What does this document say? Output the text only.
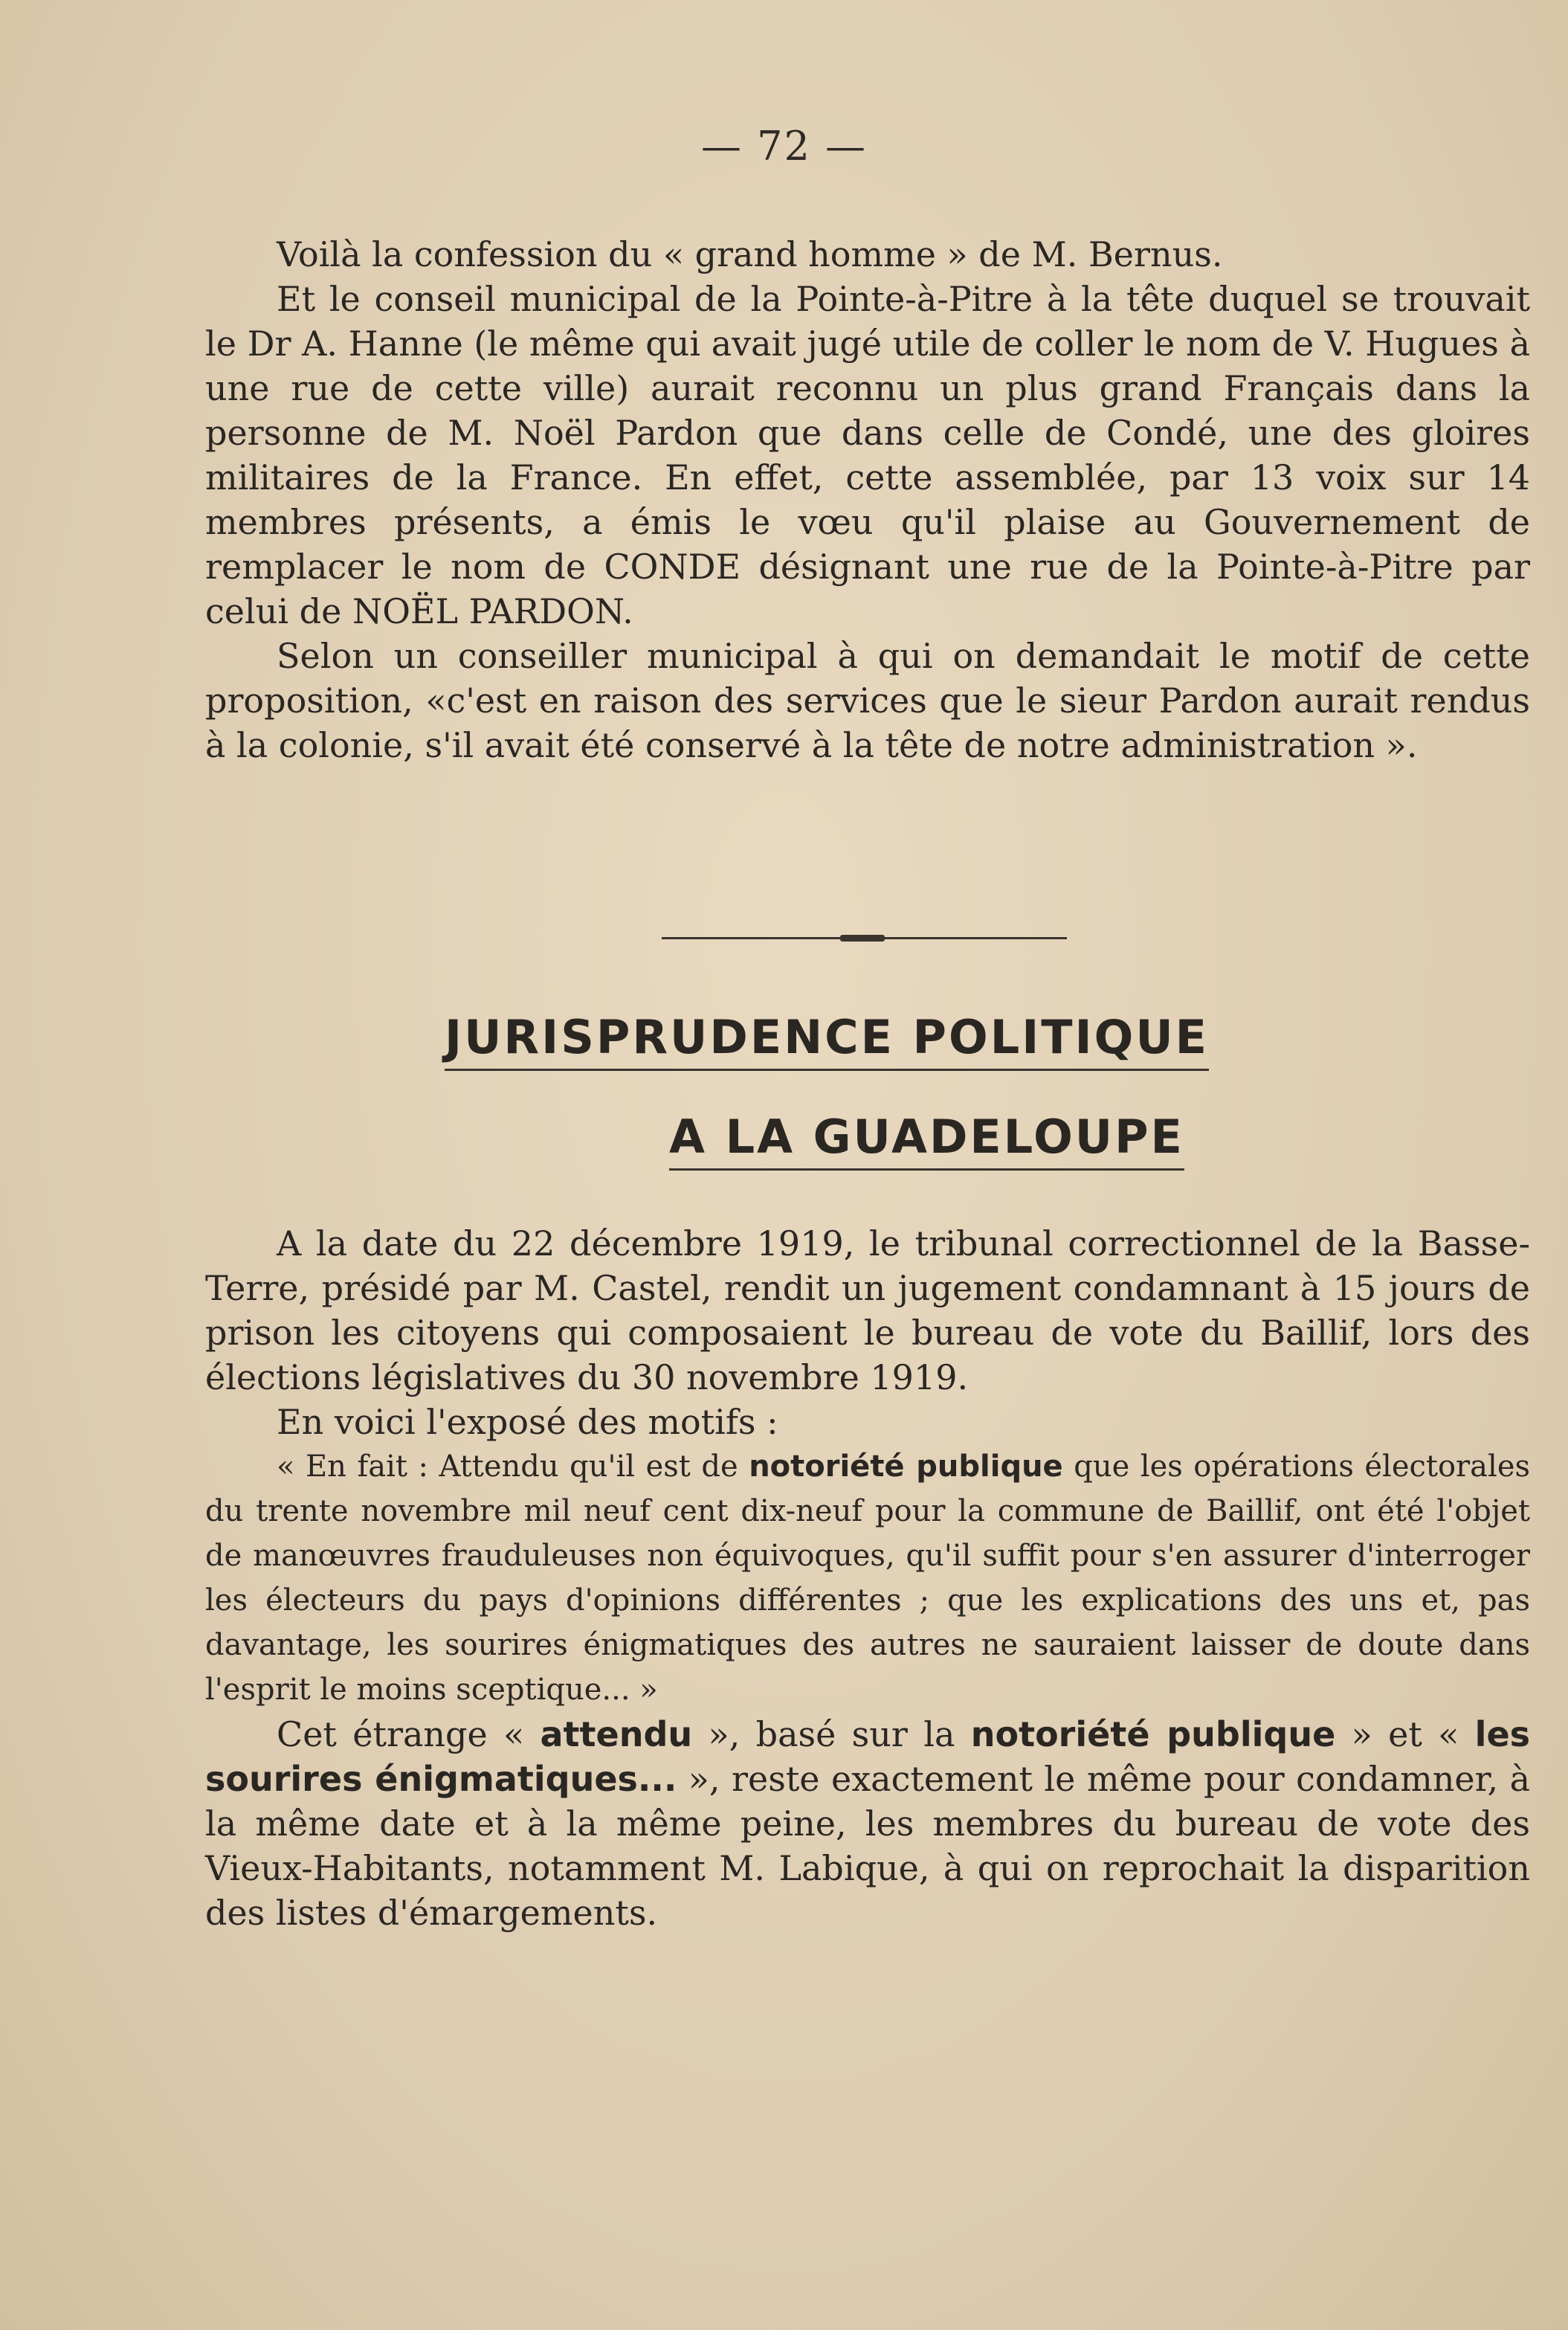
— 72 —

Voilà la confession du « grand homme » de M. Bernus.

Et le conseil municipal de la Pointe-à-Pitre à la tête duquel se trouvait le Dr A. Hanne (le même qui avait jugé utile de coller le nom de V. Hugues à une rue de cette ville) aurait reconnu un plus grand Français dans la personne de M. Noël Pardon que dans celle de Condé, une des gloires militaires de la France. En effet, cette assemblée, par 13 voix sur 14 membres présents, a émis le vœu qu'il plaise au Gouvernement de remplacer le nom de CONDE désignant une rue de la Pointe-à-Pitre par celui de NOËL PARDON.

Selon un conseiller municipal à qui on demandait le motif de cette proposition, «c'est en raison des services que le sieur Pardon aurait rendus à la colonie, s'il avait été conservé à la tête de notre administration ».

JURISPRUDENCE POLITIQUE
A LA GUADELOUPE

A la date du 22 décembre 1919, le tribunal correctionnel de la Basse-Terre, présidé par M. Castel, rendit un jugement condamnant à 15 jours de prison les citoyens qui composaient le bureau de vote du Baillif, lors des élections législatives du 30 novembre 1919.

En voici l'exposé des motifs :

« En fait : Attendu qu'il est de notoriété publique que les opérations électorales du trente novembre mil neuf cent dix-neuf pour la commune de Baillif, ont été l'objet de manœuvres frauduleuses non équivoques, qu'il suffit pour s'en assurer d'interroger les électeurs du pays d'opinions différentes ; que les explications des uns et, pas davantage, les sourires énigmatiques des autres ne sauraient laisser de doute dans l'esprit le moins sceptique... »

Cet étrange « attendu », basé sur la notoriété publique » et « les sourires énigmatiques... », reste exactement le même pour condamner, à la même date et à la même peine, les membres du bureau de vote des Vieux-Habitants, notamment M. Labique, à qui on reprochait la disparition des listes d'émargements.
